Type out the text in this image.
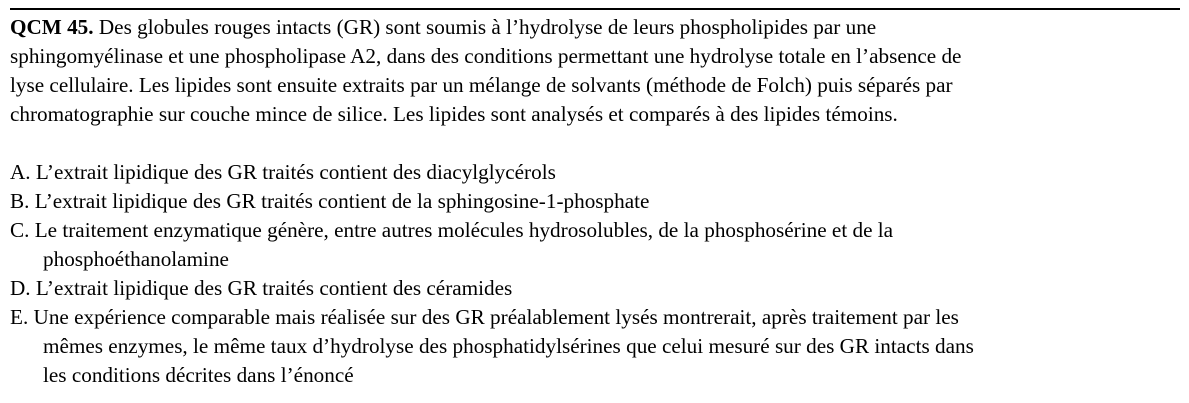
QCM 45. Des globules rouges intacts (GR) sont soumis à l’hydrolyse de leurs phospholipides par une
sphingomyélinase et une phospholipase A2, dans des conditions permettant une hydrolyse totale en l’absence de
lyse cellulaire. Les lipides sont ensuite extraits par un mélange de solvants (méthode de Folch) puis séparés par
chromatographie sur couche mince de silice. Les lipides sont analysés et comparés à des lipides témoins.
A. L’extrait lipidique des GR traités contient des diacylglycérols
B. L’extrait lipidique des GR traités contient de la sphingosine-1-phosphate
C. Le traitement enzymatique génère, entre autres molécules hydrosolubles, de la phosphosérine et de la
phosphoéthanolamine
D. L’extrait lipidique des GR traités contient des céramides
E. Une expérience comparable mais réalisée sur des GR préalablement lysés montrerait, après traitement par les
mêmes enzymes, le même taux d’hydrolyse des phosphatidylsérines que celui mesuré sur des GR intacts dans
les conditions décrites dans l’énoncé
